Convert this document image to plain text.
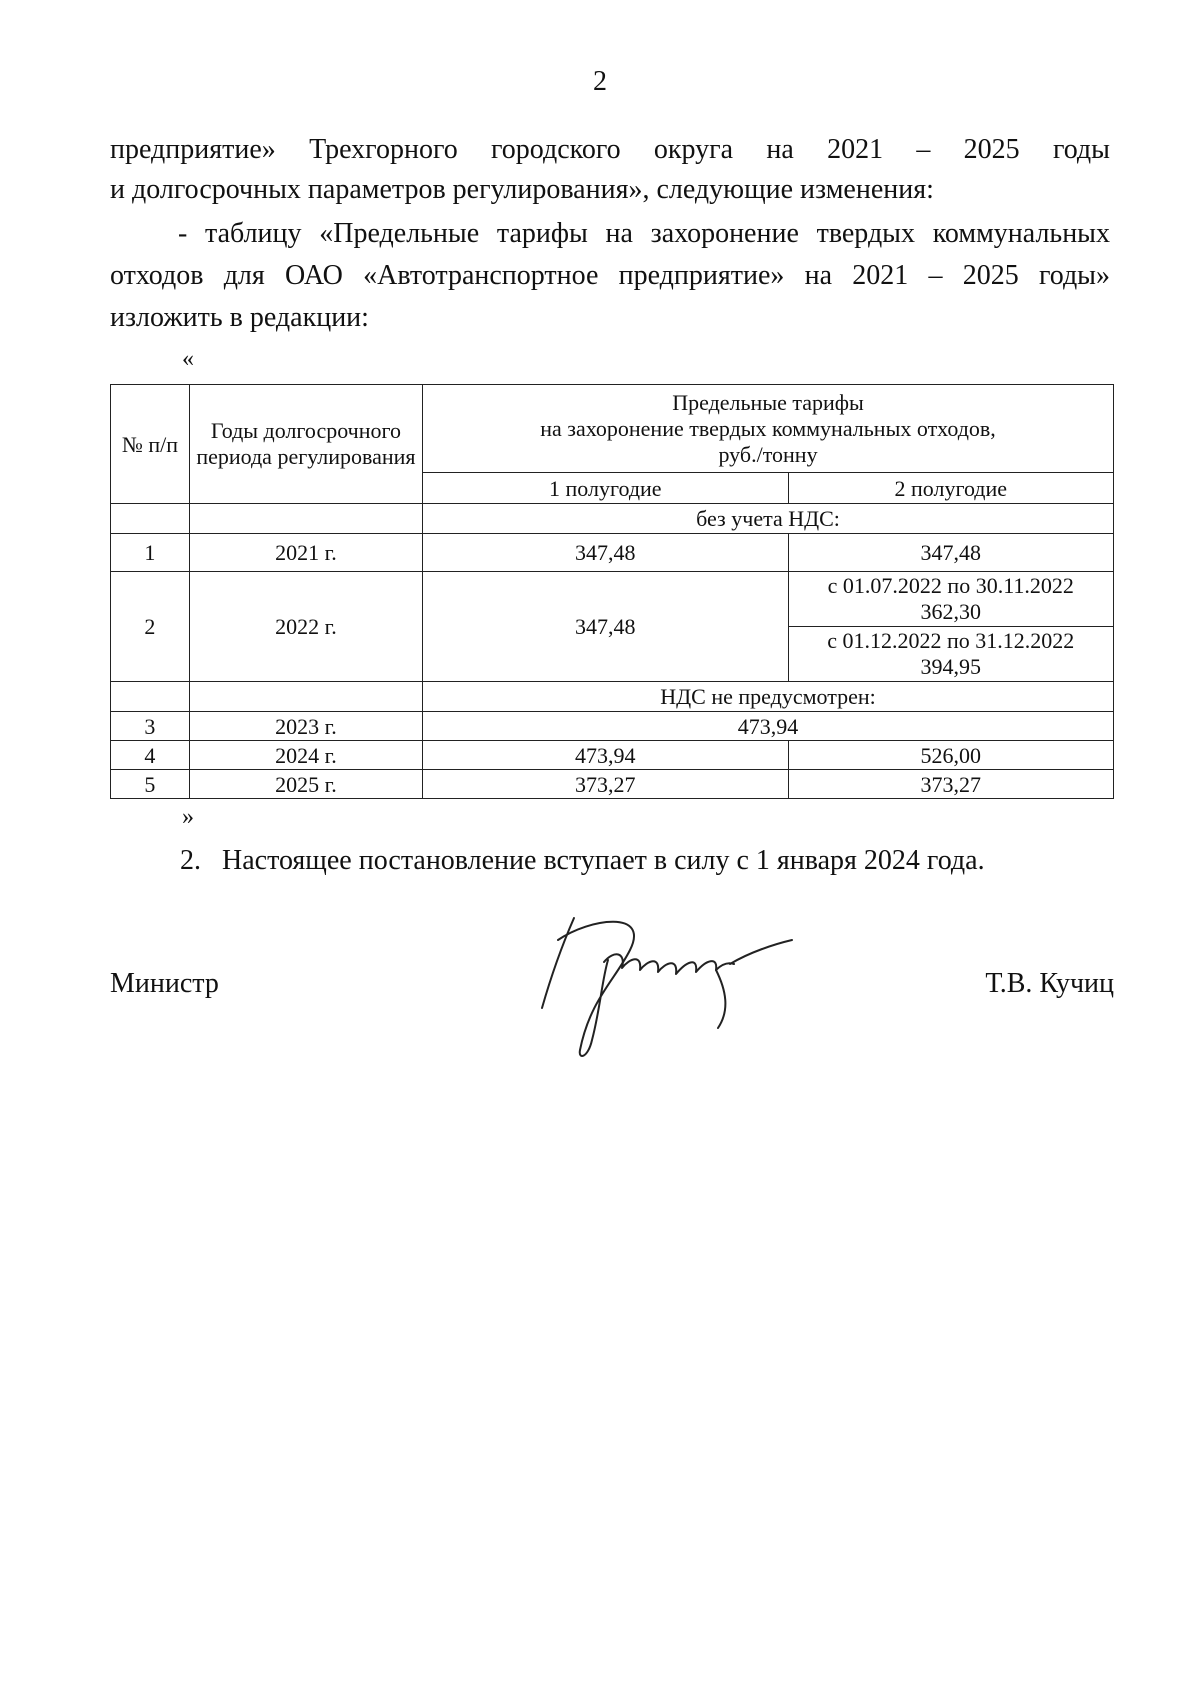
2
предприятие» Трехгорного городского округа на 2021 – 2025 годы
и долгосрочных параметров регулирования», следующие изменения:
- таблицу «Предельные тарифы на захоронение твердых коммунальных
отходов для ОАО «Автотранспортное предприятие» на 2021 – 2025 годы»
изложить в редакции:
«
№ п/п	Годы долгосрочного периода регулирования	Предельные тарифы
на захоронение твердых коммунальных отходов,
руб./тонну	

		1 полугодие	2 полугодие
		без учета НДС:	
1	2021 г.	347,48	347,48
2	2022 г.	347,48	с 01.07.2022 по 30.11.2022
362,30

			с 01.12.2022 по 31.12.2022
394,95

		НДС не предусмотрен:	
3	2023 г.	473,94	
4	2024 г.	473,94	526,00
5	2025 г.	373,27	373,27
»
2. Настоящее постановление вступает в силу с 1 января 2024 года.
Министр	Т.В. Кучиц
